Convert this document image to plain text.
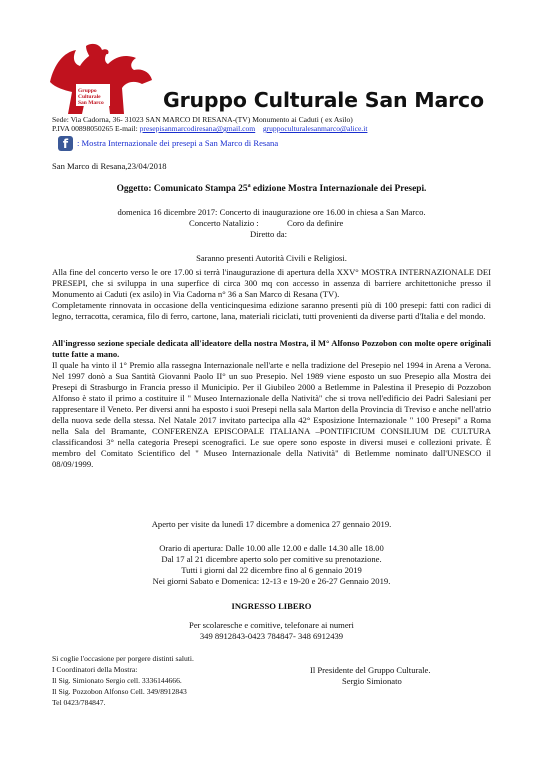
Gruppo
Culturale
San Marco	Gruppo Culturale San Marco
Sede: Via Cadorna, 36- 31023 SAN MARCO DI RESANA-(TV) Monumento ai Caduti ( ex Asilo)
P.IVA 00898050265 E-mail: presepisanmarcodiresana@gmail.com gruppoculturalesanmarco@alice.it
f	: Mostra Internazionale dei presepi a San Marco di Resana
San Marco di Resana,23/04/2018
Oggetto: Comunicato Stampa 25$^a$ edizione Mostra Internazionale dei Presepi.
domenica 16 dicembre 2017: Concerto di inaugurazione ore 16.00 in chiesa a San Marco.
Concerto Natalizio :	Coro da definire
Diretto da:
Saranno presenti Autorità Civili e Religiosi.

Alla fine del concerto verso le ore 17.00 si terrà l'inaugurazione di apertura della XXV° MOSTRA INTERNAZIONALE DEI PRESEPI, che si sviluppa in una superfice di circa 300 mq con accesso in assenza di barriere architettoniche presso il Monumento ai Caduti (ex asilo) in Via Cadorna n° 36 a San Marco di Resana (TV).

Completamente rinnovata in occasione della venticinquesima edizione saranno presenti più di 100 presepi: fatti con radici di legno, terracotta, ceramica, filo di ferro, cartone, lana, materiali riciclati, tutti provenienti da diverse parti d'Italia e del mondo.

All'ingresso sezione speciale dedicata all'ideatore della nostra Mostra, il M° Alfonso Pozzobon con molte opere originali tutte fatte a mano.
Il quale ha vinto il 1° Premio alla rassegna Internazionale nell'arte e nella tradizione del Presepio nel 1994 in Arena a Verona. Nel 1997 donò a Sua Santità Giovanni Paolo II° un suo Presepio. Nel 1989 viene esposto un suo Presepio alla Mostra dei Presepi di Strasburgo in Francia presso il Municipio. Per il Giubileo 2000 a Betlemme in Palestina il Presepio di Pozzobon Alfonso è stato il primo a costituire il " Museo Internazionale della Natività" che si trova nell'edificio dei Padri Salesiani per rappresentare il Veneto. Per diversi anni ha esposto i suoi Presepi nella sala Marton della Provincia di Treviso e anche nell'atrio della nuova sede della stessa. Nel Natale 2017 invitato partecipa alla 42° Esposizione Internazionale " 100 Presepi" a Roma nella Sala del Bramante, CONFERENZA EPISCOPALE ITALIANA –PONTIFICIUM CONSILIUM DE CULTURA classificandosi 3° nella categoria Presepi scenografici. Le sue opere sono esposte in diversi musei e collezioni private. È membro del Comitato Scientifico del " Museo Internazionale della Natività" di Betlemme nominato dall'UNESCO il 08/09/1999.
Aperto per visite da lunedì 17 dicembre a domenica 27 gennaio 2019.
Orario di apertura: Dalle 10.00 alle 12.00 e dalle 14.30 alle 18.00
Dal 17 al 21 dicembre aperto solo per comitive su prenotazione.
Tutti i giorni dal 22 dicembre fino al 6 gennaio 2019
Nei giorni Sabato e Domenica: 12-13 e 19-20 e 26-27 Gennaio 2019.
INGRESSO LIBERO
Per scolaresche e comitive, telefonare ai numeri
349 8912843-0423 784847- 348 6912439
Si coglie l'occasione per porgere distinti saluti.
I Coordinatori della Mostra:
Il Sig. Simionato Sergio cell. 3336144666.
Il Sig. Pozzobon Alfonso Cell. 349/8912843
Tel 0423/784847.
Il Presidente del Gruppo Culturale.
Sergio Simionato
